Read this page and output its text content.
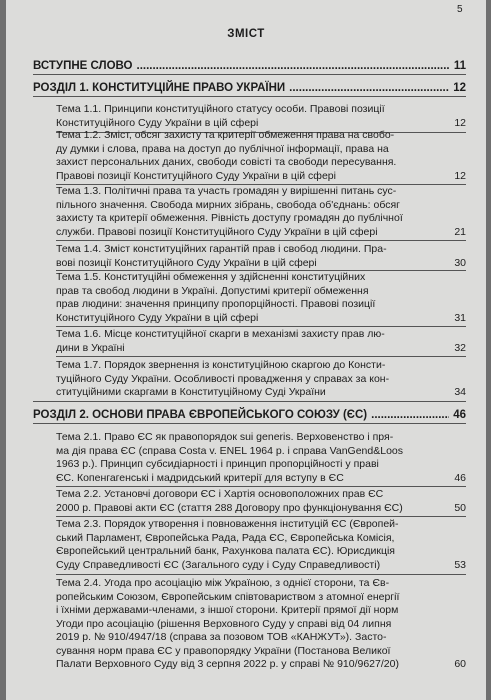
5
ЗМІСТ
ВСТУПНЕ СЛОВО .....	11
РОЗДІЛ 1. КОНСТИТУЦІЙНЕ ПРАВО УКРАЇНИ .....	12
Тема 1.1. Принципи конституційного статусу особи. Правові позиції
Конституційного Суду України в цій сфері	12
Тема 1.2. Зміст, обсяг захисту та критерії обмеження права на свобо-
ду думки і слова, права на доступ до публічної інформації, права на
захист персональних даних, свободи совісті та свободи пересування.
Правові позиції Конституційного Суду України в цій сфері	12
Тема 1.3. Політичні права та участь громадян у вирішенні питань сус-
пільного значення. Свобода мирних зібрань, свобода об'єднань: обсяг
захисту та критерії обмеження. Рівність доступу громадян до публічної
служби. Правові позиції Конституційного Суду України в цій сфері	21
Тема 1.4. Зміст конституційних гарантій прав і свобод людини. Пра-
вові позиції Конституційного Суду України в цій сфері	30
Тема 1.5. Конституційні обмеження у здійсненні конституційних
прав та свобод людини в Україні. Допустимі критерії обмеження
прав людини: значення принципу пропорційності. Правові позиції
Конституційного Суду України в цій сфері	31
Тема 1.6. Місце конституційної скарги в механізмі захисту прав лю-
дини в Україні	32
Тема 1.7. Порядок звернення із конституційною скаргою до Консти-
туційного Суду України. Особливості провадження у справах за кон-
ституційними скаргами в Конституційному Суді України	34
РОЗДІЛ 2. ОСНОВИ ПРАВА ЄВРОПЕЙСЬКОГО СОЮЗУ (ЄС) .....	46
Тема 2.1. Право ЄС як правопорядок sui generis. Верховенство і пря-
ма дія права ЄС (справа Costa v. ENEL 1964 р. і справа VanGend&Loos
1963 р.). Принцип субсидіарності і принцип пропорційності у праві
ЄС. Копенгагенські і мадридський критерії для вступу в ЄС	46
Тема 2.2. Установчі договори ЄС і Хартія основоположних прав ЄС
2000 р. Правові акти ЄС (стаття 288 Договору про функціонування ЄС)	50
Тема 2.3. Порядок утворення і повноваження інституцій ЄС (Європей-
ський Парламент, Європейська Рада, Рада ЄС, Європейська Комісія,
Європейський центральний банк, Рахункова палата ЄС). Юрисдикція
Суду Справедливості ЄС (Загального суду і Суду Справедливості)	53
Тема 2.4. Угода про асоціацію між Україною, з однієї сторони, та Єв-
ропейським Союзом, Європейським співтовариством з атомної енергії
і їхніми державами-членами, з іншої сторони. Критерії прямої дії норм
Угоди про асоціацію (рішення Верховного Суду у справі від 04 липня
2019 р. № 910/4947/18 (справа за позовом ТОВ «КАНЖУТ»). Засто-
сування норм права ЄС у правопорядку України (Постанова Великої
Палати Верховного Суду від 3 серпня 2022 р. у справі № 910/9627/20)	60
